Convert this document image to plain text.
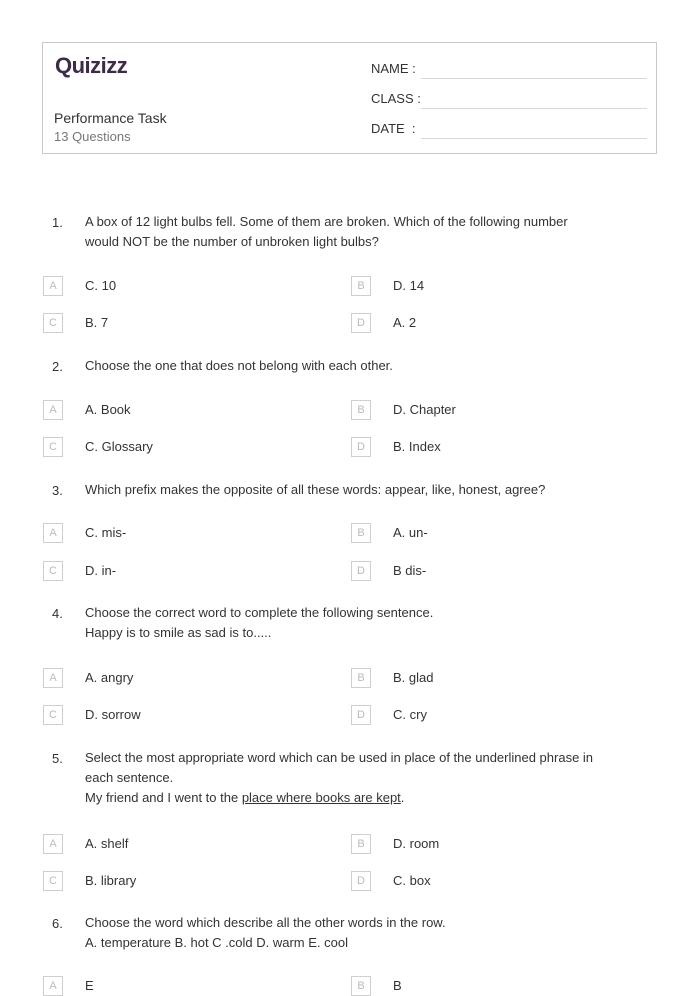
Quizizz
Performance Task
13 Questions
NAME :
CLASS :
DATE  :
1. A box of 12 light bulbs fell. Some of them are broken. Which of the following number
would NOT be the number of unbroken light bulbs?
A	C. 10	B	D. 14
C	B. 7	D	A. 2
2. Choose the one that does not belong with each other.
A	A. Book	B	D. Chapter
C	C. Glossary	D	B. Index
3. Which prefix makes the opposite of all these words: appear, like, honest, agree?
A	C. mis-	B	A. un-
C	D. in-	D	B dis-
4. Choose the correct word to complete the following sentence.
Happy is to smile as sad is to.....
A	A. angry	B	B. glad
C	D. sorrow	D	C. cry
5. Select the most appropriate word which can be used in place of the underlined phrase in
each sentence.
My friend and I went to the place where books are kept.
A	A. shelf	B	D. room
C	B. library	D	C. box
6. Choose the word which describe all the other words in the row.
A. temperature B. hot C .cold D. warm E. cool
A	E	B	B
